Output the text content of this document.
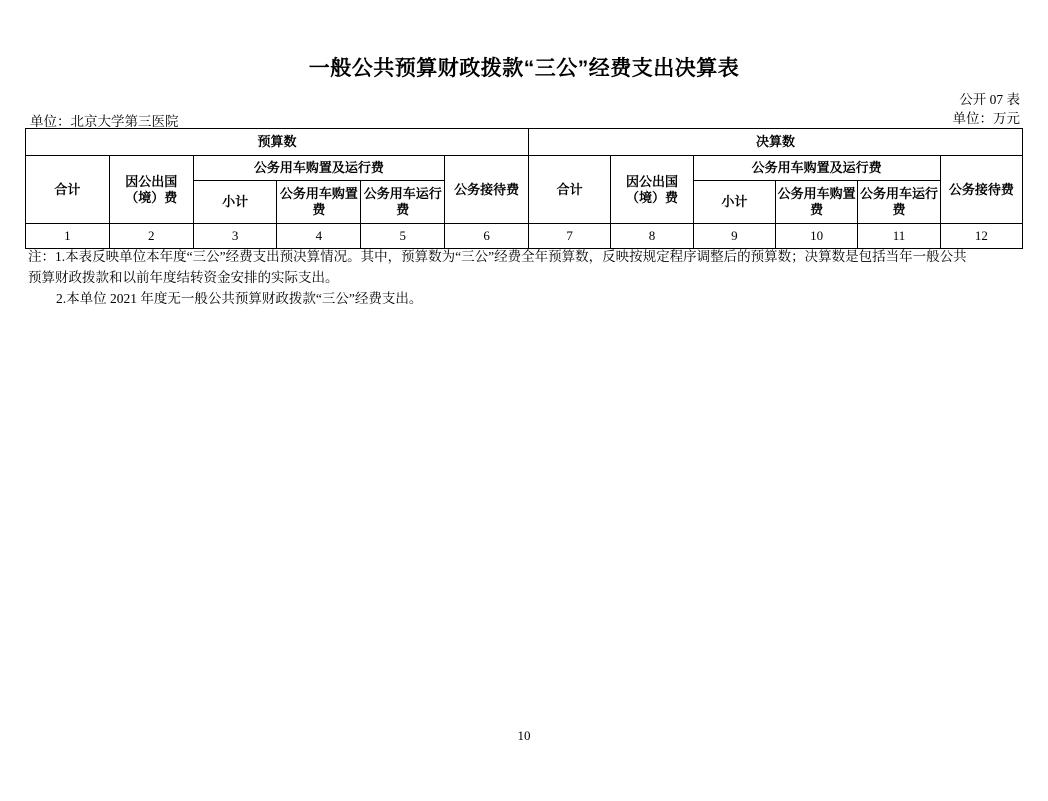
一般公共预算财政拨款“三公”经费支出决算表
公开 07 表
单位：万元
单位：北京大学第三医院
预算数						决算数					
合计	因公出国（境）费	公务用车购置及运行费			公务接待费	合计	因公出国（境）费	公务用车购置及运行费			公务接待费
		小计	公务用车购置费	公务用车运行费				小计	公务用车购置费	公务用车运行费	
1	2	3	4	5	6	7	8	9	10	11	12

注：1.本表反映单位本年度“三公”经费支出预决算情况。其中，预算数为“三公”经费全年预算数，反映按规定程序调整后的预算数；决算数是包括当年一般公共

预算财政拨款和以前年度结转资金安排的实际支出。

2.本单位 2021 年度无一般公共预算财政拨款“三公”经费支出。

10
